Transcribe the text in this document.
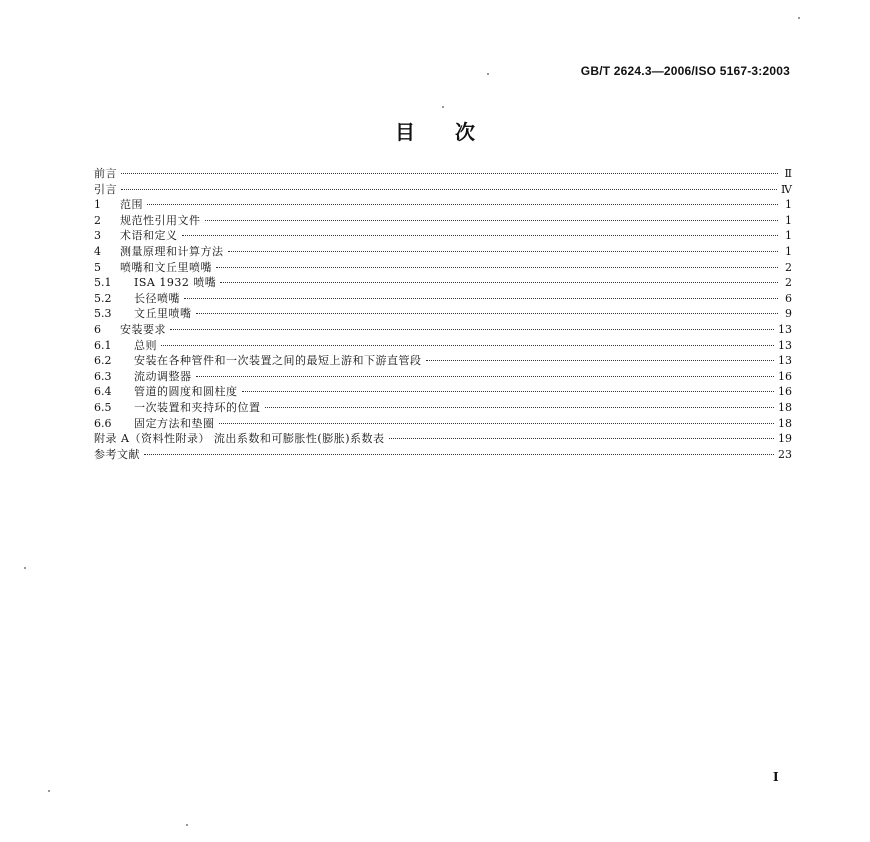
GB/T 2624.3—2006/ISO 5167-3:2003
目次
前言	Ⅱ
引言	Ⅳ
1	范围	1
2	规范性引用文件	1
3	术语和定义	1
4	测量原理和计算方法	1
5	喷嘴和文丘里喷嘴	2
5.1	ISA 1932 喷嘴	2
5.2	长径喷嘴	6
5.3	文丘里喷嘴	9
6	安装要求	13
6.1	总则	13
6.2	安装在各种管件和一次装置之间的最短上游和下游直管段	13
6.3	流动调整器	16
6.4	管道的圆度和圆柱度	16
6.5	一次装置和夹持环的位置	18
6.6	固定方法和垫圈	18
附录 A（资料性附录） 流出系数和可膨胀性(膨胀)系数表	19
参考文献	23
I
